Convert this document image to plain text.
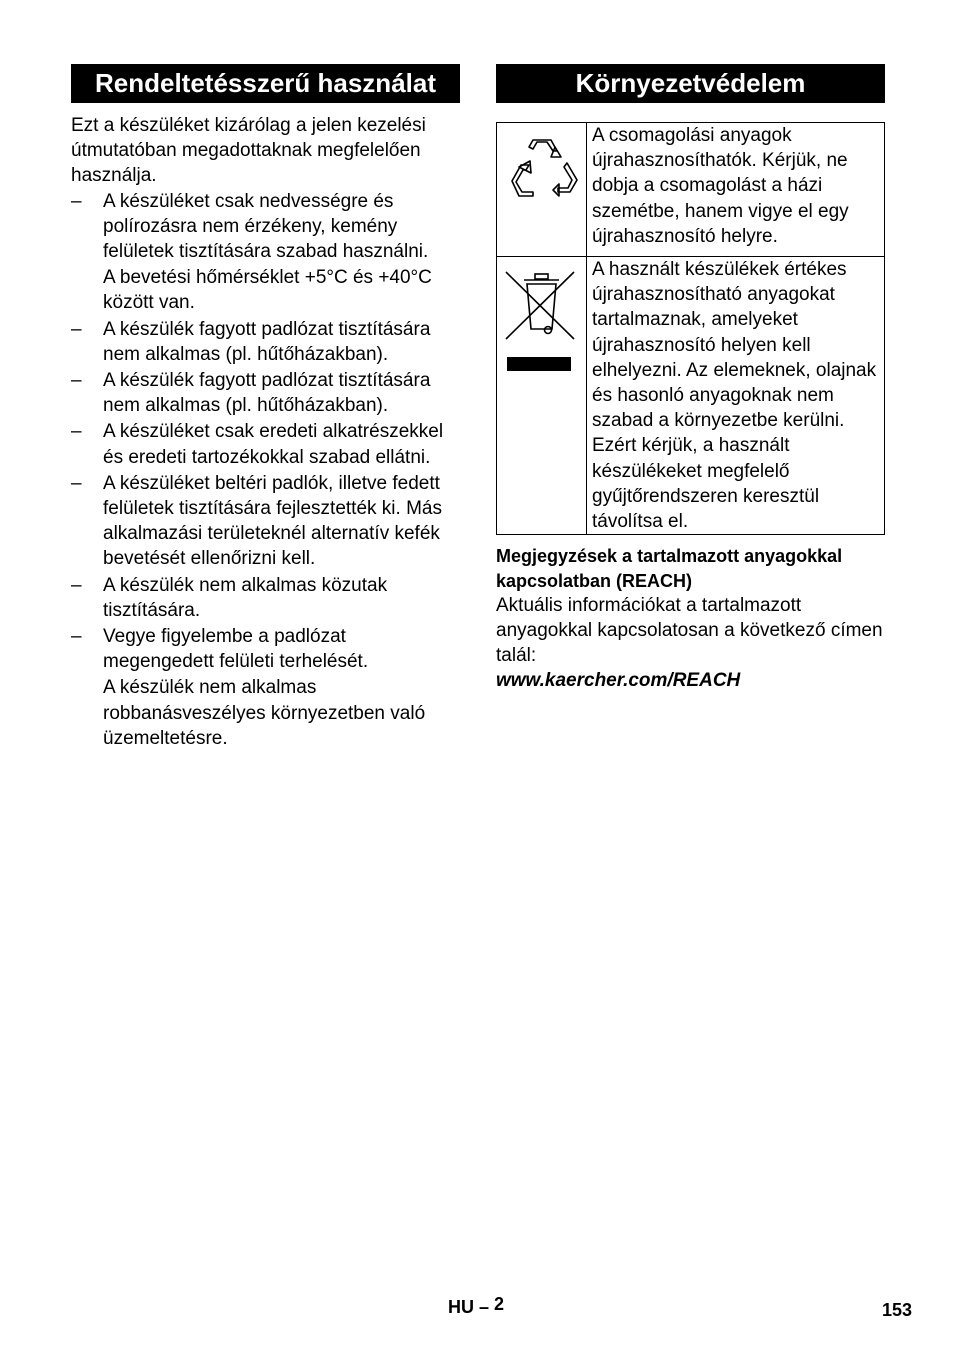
Rendeltetésszerű használat
Ezt a készüléket kizárólag a jelen kezelési útmutatóban megadottaknak megfelelően használja.
– A készüléket csak nedvességre és polírozásra nem érzékeny, kemény felületek tisztítására szabad használni.

A bevetési hőmérséklet +5°C és +40°C között van.

– A készülék fagyott padlózat tisztítására nem alkalmas (pl. hűtőházakban).

– A készülék fagyott padlózat tisztítására nem alkalmas (pl. hűtőházakban).

– A készüléket csak eredeti alkatrészekkel és eredeti tartozékokkal szabad ellátni.

– A készüléket beltéri padlók, illetve fedett felületek tisztítására fejlesztették ki. Más alkalmazási területeknél alternatív kefék bevetését ellenőrizni kell.

– A készülék nem alkalmas közutak tisztítására.

– Vegye figyelembe a padlózat megengedett felületi terhelését.

A készülék nem alkalmas robbanásveszélyes környezetben való üzemeltetésre.

Környezetvédelem
	A csomagolási anyagok újrahasznosíthatók. Kérjük, ne dobja a csomagolást a házi szemétbe, hanem vigye el egy újrahasznosító helyre.
	A használt készülékek értékes újrahasznosítható anyagokat tartalmaznak, amelyeket újrahasznosító helyen kell elhelyezni. Az elemeknek, olajnak és hasonló anyagoknak nem szabad a környezetbe kerülni. Ezért kérjük, a használt készülékeket megfelelő gyűjtőrendszeren keresztül távolítsa el.
Megjegyzések a tartalmazott anyagokkal kapcsolatban (REACH)
Aktuális információkat a tartalmazott anyagokkal kapcsolatosan a következő címen talál:
www.kaercher.com/REACH
HU – 2	153
